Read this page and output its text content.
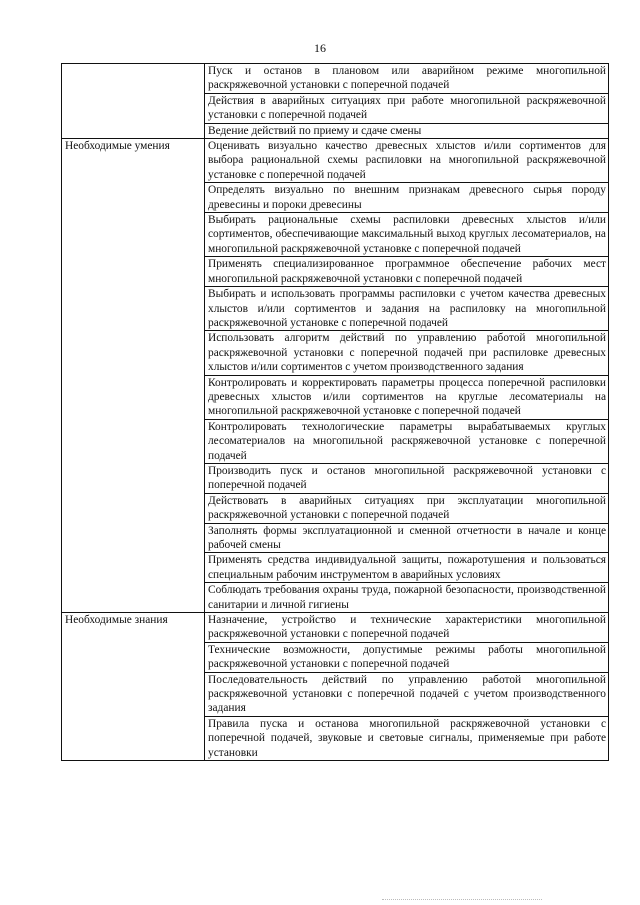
16
	Пуск и останов в плановом или аварийном режиме многопильной раскряжевочной установки с поперечной подачей
	Действия в аварийных ситуациях при работе многопильной раскряжевочной установки с поперечной подачей
	Ведение действий по приему и сдаче смены
Необходимые умения	Оценивать визуально качество древесных хлыстов и/или сортиментов для выбора рациональной схемы распиловки на многопильной раскряжевочной установке с поперечной подачей
	Определять визуально по внешним признакам древесного сырья породу древесины и пороки древесины
	Выбирать рациональные схемы распиловки древесных хлыстов и/или сортиментов, обеспечивающие максимальный выход круглых лесоматериалов, на многопильной раскряжевочной установке с поперечной подачей
	Применять специализированное программное обеспечение рабочих мест многопильной раскряжевочной установки с поперечной подачей
	Выбирать и использовать программы распиловки с учетом качества древесных хлыстов и/или сортиментов и задания на распиловку на многопильной раскряжевочной установке с поперечной подачей
	Использовать алгоритм действий по управлению работой многопильной раскряжевочной установки с поперечной подачей при распиловке древесных хлыстов и/или сортиментов с учетом производственного задания
	Контролировать и корректировать параметры процесса поперечной распиловки древесных хлыстов и/или сортиментов на круглые лесоматериалы на многопильной раскряжевочной установке с поперечной подачей
	Контролировать технологические параметры вырабатываемых круглых лесоматериалов на многопильной раскряжевочной установке с поперечной подачей
	Производить пуск и останов многопильной раскряжевочной установки с поперечной подачей
	Действовать в аварийных ситуациях при эксплуатации многопильной раскряжевочной установки с поперечной подачей
	Заполнять формы эксплуатационной и сменной отчетности в начале и конце рабочей смены
	Применять средства индивидуальной защиты, пожаротушения и пользоваться специальным рабочим инструментом в аварийных условиях
	Соблюдать требования охраны труда, пожарной безопасности, производственной санитарии и личной гигиены
Необходимые знания	Назначение, устройство и технические характеристики многопильной раскряжевочной установки с поперечной подачей
	Технические возможности, допустимые режимы работы многопильной раскряжевочной установки с поперечной подачей
	Последовательность действий по управлению работой многопильной раскряжевочной установки с поперечной подачей с учетом производственного задания
	Правила пуска и останова многопильной раскряжевочной установки с поперечной подачей, звуковые и световые сигналы, применяемые при работе установки
